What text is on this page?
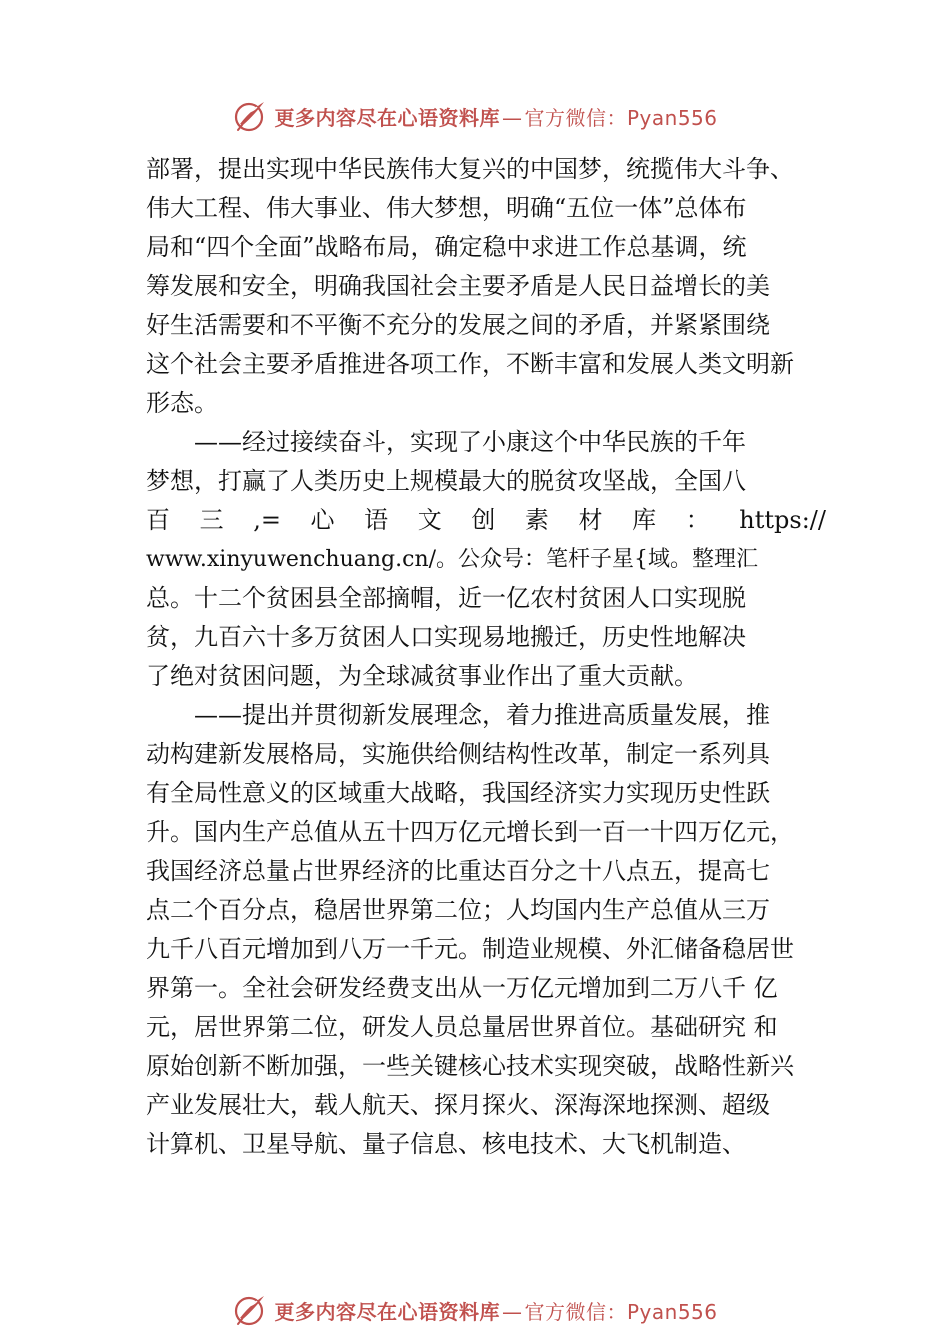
更多内容尽在心语资料库 — 官方微信：Pyan556
部署，提出实现中华民族伟大复兴的中国梦，统揽伟大斗争、
伟大工程、伟大事业、伟大梦想，明确“五位一体”总体布
局和“四个全面”战略布局，确定稳中求进工作总基调，统
筹发展和安全，明确我国社会主要矛盾是人民日益增长的美
好生活需要和不平衡不充分的发展之间的矛盾，并紧紧围绕
这个社会主要矛盾推进各项工作，不断丰富和发展人类文明新
形态。
——经过接续奋斗，实现了小康这个中华民族的千年
梦想，打赢了人类历史上规模最大的脱贫攻坚战，全国八
百 三 ,= 心 语 文 创 素 材 库 ： https://
www.xinyuwenchuang.cn/。公众号：笔杆子星{域。整理汇
总。十二个贫困县全部摘帽，近一亿农村贫困人口实现脱
贫，九百六十多万贫困人口实现易地搬迁，历史性地解决
了绝对贫困问题，为全球减贫事业作出了重大贡献。
——提出并贯彻新发展理念，着力推进高质量发展，推
动构建新发展格局，实施供给侧结构性改革，制定一系列具
有全局性意义的区域重大战略，我国经济实力实现历史性跃
升。国内生产总值从五十四万亿元增长到一百一十四万亿元，
我国经济总量占世界经济的比重达百分之十八点五，提高七
点二个百分点，稳居世界第二位；人均国内生产总值从三万
九千八百元增加到八万一千元。制造业规模、外汇储备稳居世
界第一。全社会研发经费支出从一万亿元增加到二万八千 亿
元，居世界第二位，研发人员总量居世界首位。基础研究 和
原始创新不断加强，一些关键核心技术实现突破，战略性新兴
产业发展壮大，载人航天、探月探火、深海深地探测、超级
计算机、卫星导航、量子信息、核电技术、大飞机制造、
更多内容尽在心语资料库 — 官方微信：Pyan556
